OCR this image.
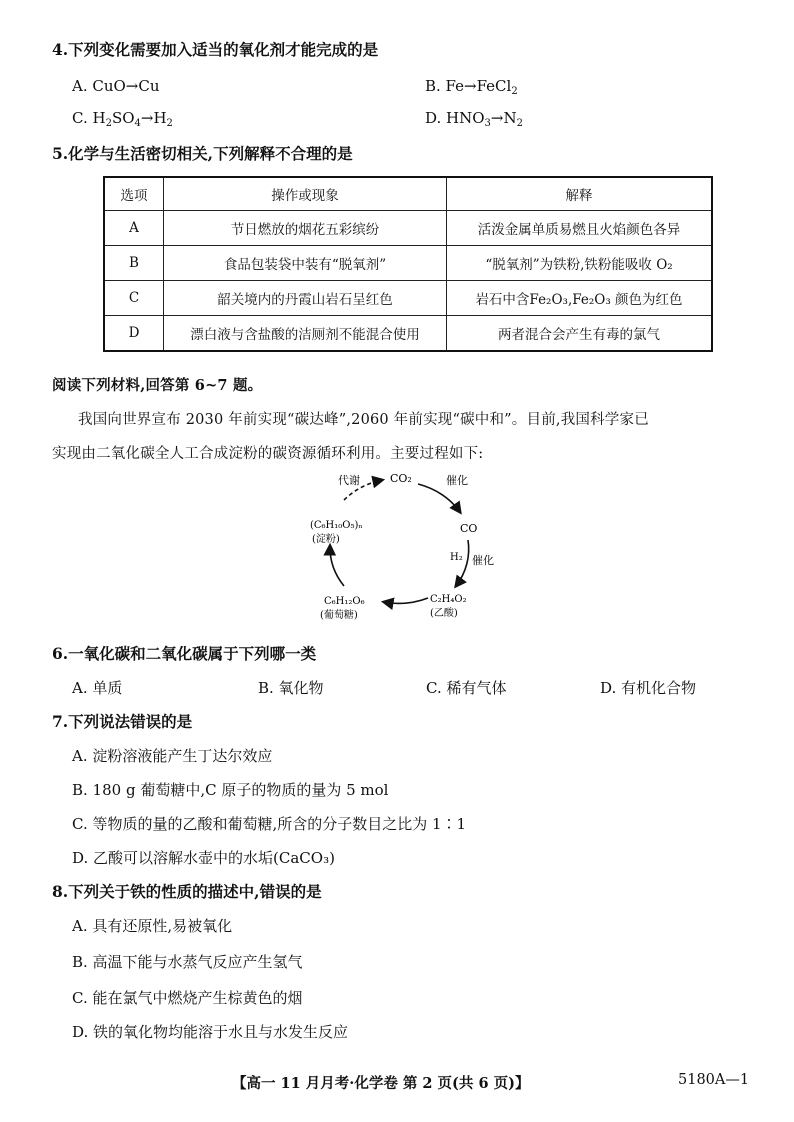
4.下列变化需要加入适当的氧化剂才能完成的是
A. CuO→Cu	B. Fe→FeCl$_2$
C. $H_2SO_4\to H_2$	D. $HNO_3\to N_2$
5.化学与生活密切相关,下列解释不合理的是
选项	操作或现象	解释
A	节日燃放的烟花五彩缤纷	活泼金属单质易燃且火焰颜色各异
B	食品包装袋中装有“脱氧剂”	“脱氧剂”为铁粉,铁粉能吸收 O₂
C	韶关境内的丹霞山岩石呈红色	岩石中含Fe₂O₃,Fe₂O₃ 颜色为红色
D	漂白液与含盐酸的洁厕剂不能混合使用	两者混合会产生有毒的氯气
阅读下列材料,回答第 6~7 题。
我国向世界宣布 2030 年前实现“碳达峰”,2060 年前实现“碳中和”。目前,我国科学家已
实现由二氧化碳全人工合成淀粉的碳资源循环利用。主要过程如下:
CO₂	催化
代谢
CO
H₂ 催化
C₂H₄O₂
(乙酸)
C₆H₁₂O₆
(葡萄糖)
(C₆H₁₀O₅)ₙ
(淀粉)
6.一氧化碳和二氧化碳属于下列哪一类
A. 单质	B. 氧化物	C. 稀有气体	D. 有机化合物
7.下列说法错误的是
A. 淀粉溶液能产生丁达尔效应
B. 180 g 葡萄糖中,C 原子的物质的量为 5 mol
C. 等物质的量的乙酸和葡萄糖,所含的分子数目之比为 1∶1
D. 乙酸可以溶解水壶中的水垢(CaCO₃)
8.下列关于铁的性质的描述中,错误的是
A. 具有还原性,易被氧化
B. 高温下能与水蒸气反应产生氢气
C. 能在氯气中燃烧产生棕黄色的烟
D. 铁的氧化物均能溶于水且与水发生反应
【高一 11 月月考·化学卷 第 2 页(共 6 页)】	5180A—1
